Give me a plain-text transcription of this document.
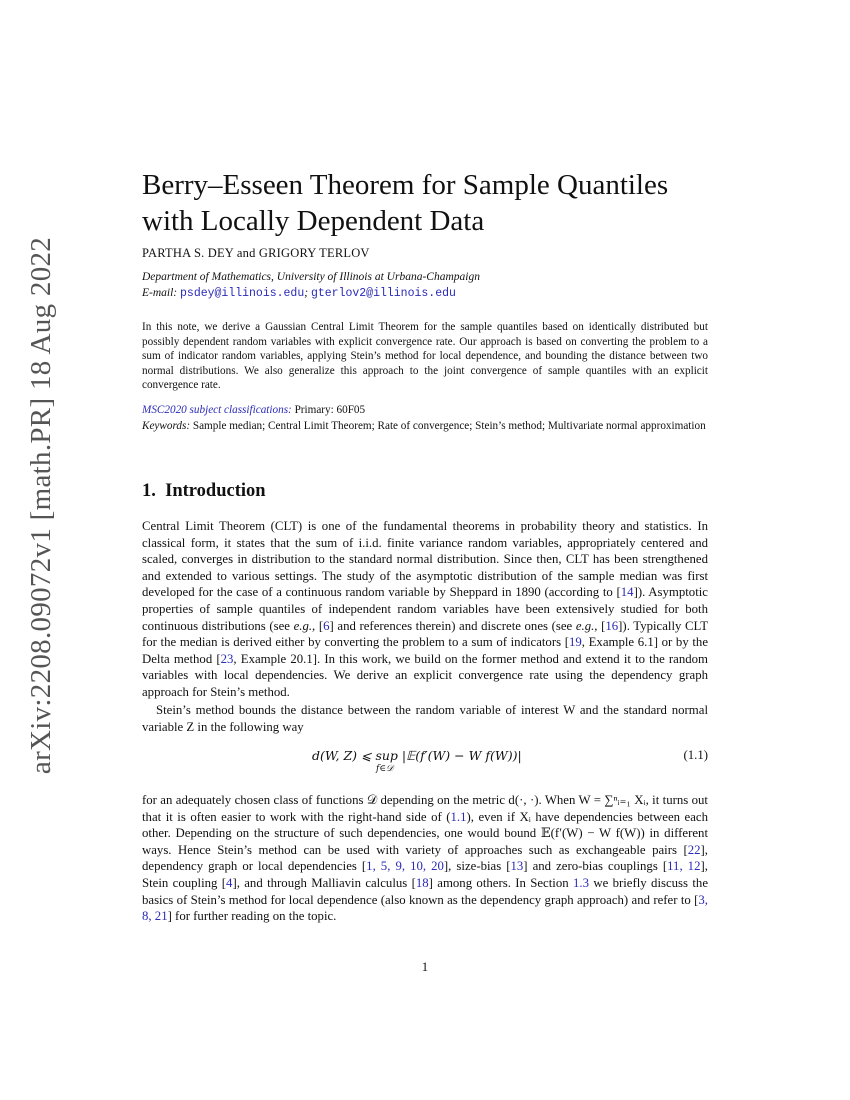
arXiv:2208.09072v1 [math.PR] 18 Aug 2022
Berry–Esseen Theorem for Sample Quantiles
with Locally Dependent Data
PARTHA S. DEY and GRIGORY TERLOV
Department of Mathematics, University of Illinois at Urbana-Champaign
E-mail: psdey@illinois.edu; gterlov2@illinois.edu

In this note, we derive a Gaussian Central Limit Theorem for the sample quantiles based on identically distributed but possibly dependent random variables with explicit convergence rate. Our approach is based on converting the problem to a sum of indicator random variables, applying Stein’s method for local dependence, and bounding the distance between two normal distributions. We also generalize this approach to the joint convergence of sample quantiles with an explicit convergence rate.

MSC2020 subject classifications: Primary: 60F05
Keywords: Sample median; Central Limit Theorem; Rate of convergence; Stein’s method; Multivariate normal approximation
1. Introduction

Central Limit Theorem (CLT) is one of the fundamental theorems in probability theory and statistics. In classical form, it states that the sum of i.i.d. finite variance random variables, appropriately centered and scaled, converges in distribution to the standard normal distribution. Since then, CLT has been strengthened and extended to various settings. The study of the asymptotic distribution of the sample median was first developed for the case of a continuous random variable by Sheppard in 1890 (according to [14]). Asymptotic properties of sample quantiles of independent random variables have been extensively studied for both continuous distributions (see e.g., [6] and references therein) and discrete ones (see e.g., [16]). Typically CLT for the median is derived either by converting the problem to a sum of indicators [19, Example 6.1] or by the Delta method [23, Example 20.1]. In this work, we build on the former method and extend it to the random variables with local dependencies. We derive an explicit convergence rate using the dependency graph approach for Stein’s method.

Stein’s method bounds the distance between the random variable of interest W and the standard normal variable Z in the following way

d(W, Z) ⩽ sup |𝔼(f′(W) − W f(W))|
f∈𝒟
(1.1)

for an adequately chosen class of functions 𝒟 depending on the metric d(·, ·). When W = ∑ⁿᵢ₌₁ Xᵢ, it turns out that it is often easier to work with the right-hand side of (1.1), even if Xᵢ have dependencies between each other. Depending on the structure of such dependencies, one would bound 𝔼(f′(W) − W f(W)) in different ways. Hence Stein’s method can be used with variety of approaches such as exchangeable pairs [22], dependency graph or local dependencies [1, 5, 9, 10, 20], size-bias [13] and zero-bias couplings [11, 12], Stein coupling [4], and through Malliavin calculus [18] among others. In Section 1.3 we briefly discuss the basics of Stein’s method for local dependence (also known as the dependency graph approach) and refer to [3, 8, 21] for further reading on the topic.

1
